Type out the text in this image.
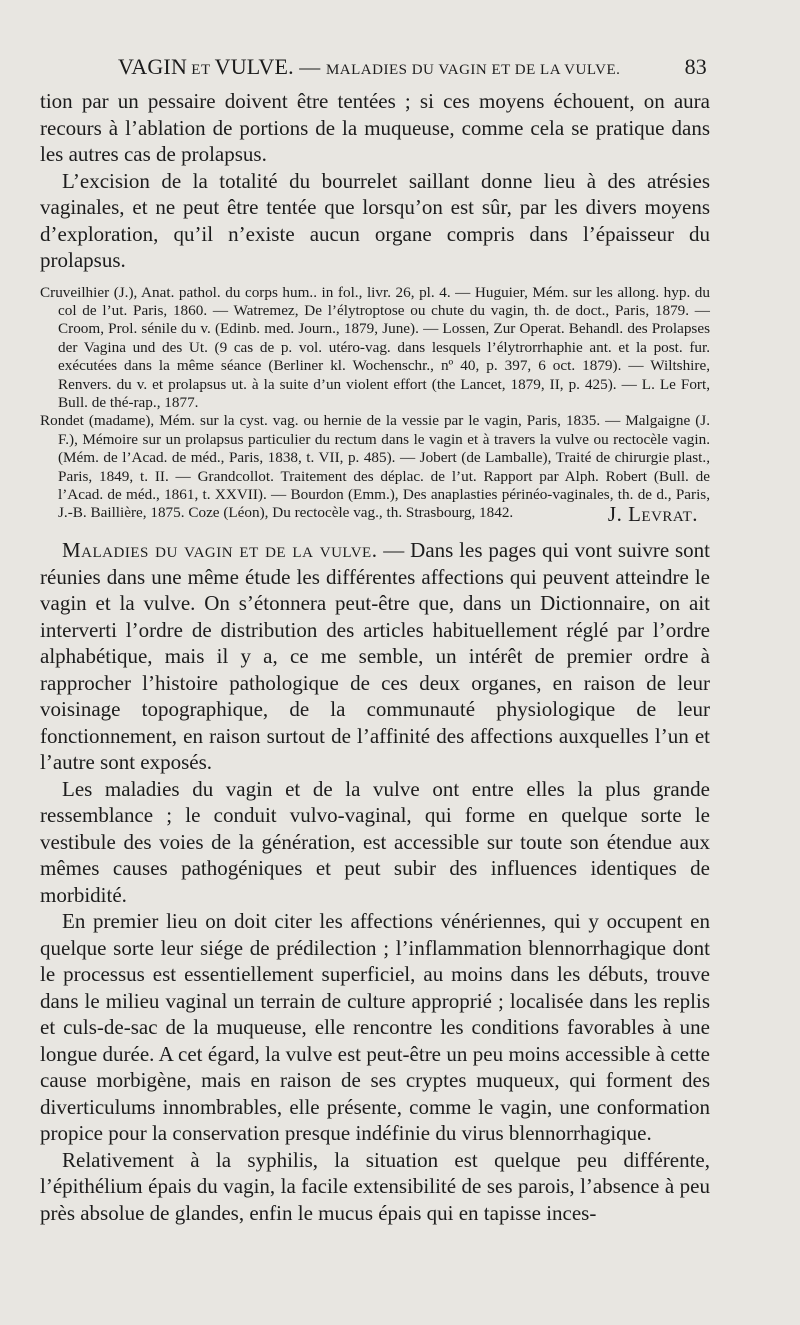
VAGIN ET VULVE. — MALADIES DU VAGIN ET DE LA VULVE.	83

tion par un pessaire doivent être tentées ; si ces moyens échouent, on aura recours à l’ablation de portions de la muqueuse, comme cela se pratique dans les autres cas de prolapsus.

L’excision de la totalité du bourrelet saillant donne lieu à des atrésies vaginales, et ne peut être tentée que lorsqu’on est sûr, par les divers moyens d’exploration, qu’il n’existe aucun organe compris dans l’épaisseur du prolapsus.

Cruveilhier (J.), Anat. pathol. du corps hum.. in fol., livr. 26, pl. 4. — Huguier, Mém. sur les allong. hyp. du col de l’ut. Paris, 1860. — Watremez, De l’élytroptose ou chute du vagin, th. de doct., Paris, 1879. — Croom, Prol. sénile du v. (Edinb. med. Journ., 1879, June). — Lossen, Zur Operat. Behandl. des Prolapses der Vagina und des Ut. (9 cas de p. vol. utéro-vag. dans lesquels l’élytrorrhaphie ant. et la post. fur. exécutées dans la même séance (Berliner kl. Wochenschr., nº 40, p. 397, 6 oct. 1879). — Wiltshire, Renvers. du v. et prolapsus ut. à la suite d’un violent effort (the Lancet, 1879, II, p. 425). — L. Le Fort, Bull. de thé-rap., 1877.

Rondet (madame), Mém. sur la cyst. vag. ou hernie de la vessie par le vagin, Paris, 1835. — Malgaigne (J. F.), Mémoire sur un prolapsus particulier du rectum dans le vagin et à travers la vulve ou rectocèle vagin. (Mém. de l’Acad. de méd., Paris, 1838, t. VII, p. 485). — Jobert (de Lamballe), Traité de chirurgie plast., Paris, 1849, t. II. — Grandcollot. Traitement des déplac. de l’ut. Rapport par Alph. Robert (Bull. de l’Acad. de méd., 1861, t. XXVII). — Bourdon (Emm.), Des anaplasties périnéo-vaginales, th. de d., Paris, J.-B. Baillière, 1875. Coze (Léon), Du rectocèle vag., th. Strasbourg, 1842.	J. Levrat.

Maladies du vagin et de la vulve. — Dans les pages qui vont suivre sont réunies dans une même étude les différentes affections qui peuvent atteindre le vagin et la vulve. On s’étonnera peut-être que, dans un Dictionnaire, on ait interverti l’ordre de distribution des articles habituellement réglé par l’ordre alphabétique, mais il y a, ce me semble, un intérêt de premier ordre à rapprocher l’histoire pathologique de ces deux organes, en raison de leur voisinage topographique, de la communauté physiologique de leur fonctionnement, en raison surtout de l’affinité des affections auxquelles l’un et l’autre sont exposés.

Les maladies du vagin et de la vulve ont entre elles la plus grande ressemblance ; le conduit vulvo-vaginal, qui forme en quelque sorte le vestibule des voies de la génération, est accessible sur toute son étendue aux mêmes causes pathogéniques et peut subir des influences identiques de morbidité.

En premier lieu on doit citer les affections vénériennes, qui y occupent en quelque sorte leur siége de prédilection ; l’inflammation blennorrhagique dont le processus est essentiellement superficiel, au moins dans les débuts, trouve dans le milieu vaginal un terrain de culture approprié ; localisée dans les replis et culs-de-sac de la muqueuse, elle rencontre les conditions favorables à une longue durée. A cet égard, la vulve est peut-être un peu moins accessible à cette cause morbigène, mais en raison de ses cryptes muqueux, qui forment des diverticulums innombrables, elle présente, comme le vagin, une conformation propice pour la conservation presque indéfinie du virus blennorrhagique.

Relativement à la syphilis, la situation est quelque peu différente, l’épithélium épais du vagin, la facile extensibilité de ses parois, l’absence à peu près absolue de glandes, enfin le mucus épais qui en tapisse inces-
